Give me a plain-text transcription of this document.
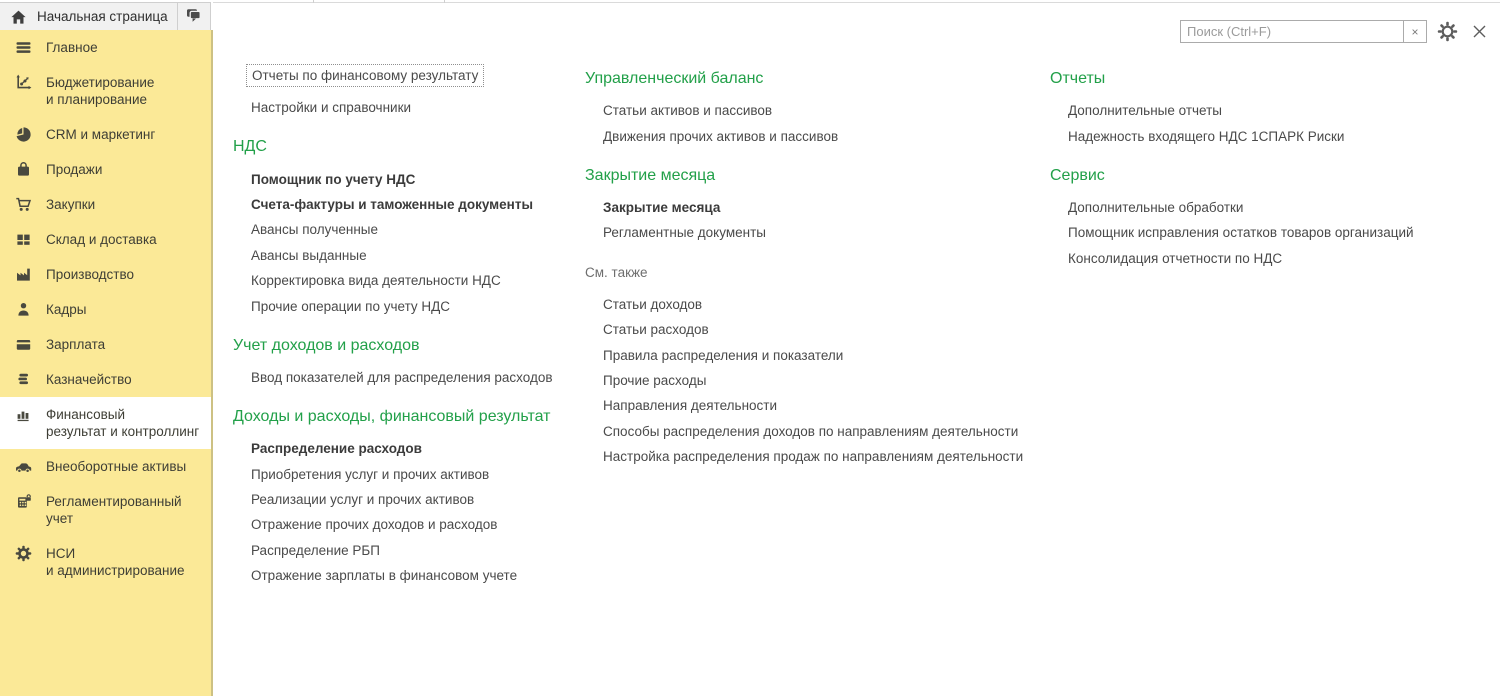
Начальная страница
Главное
Бюджетирование
и планирование
CRM и маркетинг
Продажи
Закупки
Склад и доставка
Производство
Кадры
Зарплата
Казначейство
Финансовый
результат и контроллинг
Внеоборотные активы
Регламентированный
учет
НСИ
и администрирование
Поиск (Ctrl+F)
×
Отчеты по финансовому результату
Настройки и справочники
НДС
Помощник по учету НДС
Счета-фактуры и таможенные документы
Авансы полученные
Авансы выданные
Корректировка вида деятельности НДС
Прочие операции по учету НДС
Учет доходов и расходов
Ввод показателей для распределения расходов
Доходы и расходы, финансовый результат
Распределение расходов
Приобретения услуг и прочих активов
Реализации услуг и прочих активов
Отражение прочих доходов и расходов
Распределение РБП
Отражение зарплаты в финансовом учете
Управленческий баланс
Статьи активов и пассивов
Движения прочих активов и пассивов
Закрытие месяца
Закрытие месяца
Регламентные документы
См. также
Статьи доходов
Статьи расходов
Правила распределения и показатели
Прочие расходы
Направления деятельности
Способы распределения доходов по направлениям деятельности
Настройка распределения продаж по направлениям деятельности
Отчеты
Дополнительные отчеты
Надежность входящего НДС 1СПАРК Риски
Сервис
Дополнительные обработки
Помощник исправления остатков товаров организаций
Консолидация отчетности по НДС
